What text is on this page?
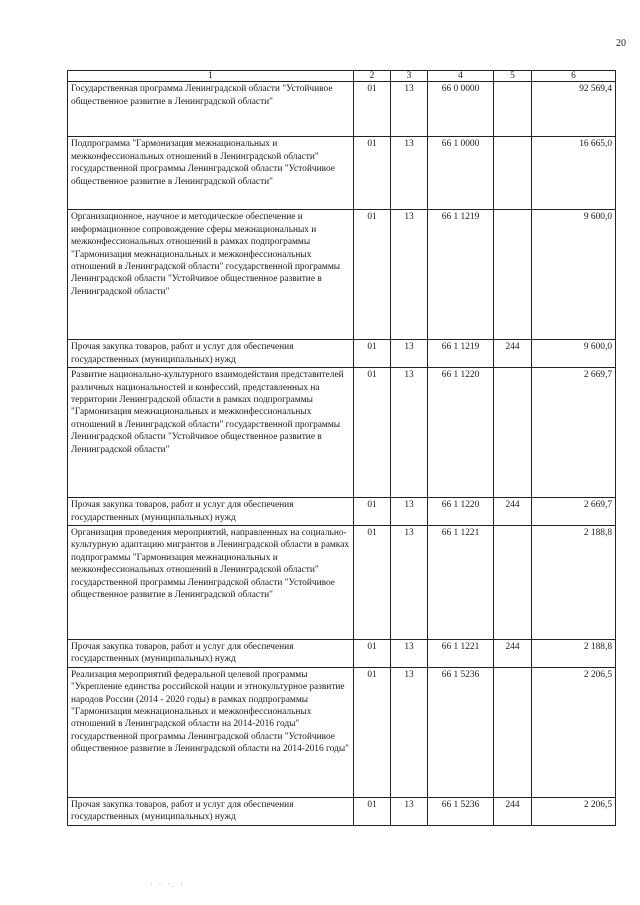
20
1	2	3	4	5	6
Государственная программа Ленинградской области "Устойчивое общественное развитие в Ленинградской области"	01	13	66 0 0000		92 569,4
Подпрограмма "Гармонизация межнациональных и межконфессиональных отношений в Ленинградской области" государственной программы Ленинградской области "Устойчивое общественное развитие в Ленинградской области"	01	13	66 1 0000		16 665,0
Организационное, научное и методическое обеспечение и информационное сопровождение сферы межнациональных и межконфессиональных отношений в рамках подпрограммы "Гармонизация межнациональных и межконфессиональных отношений в Ленинградской области" государственной программы Ленинградской области "Устойчивое общественное развитие в Ленинградской области"	01	13	66 1 1219		9 600,0
Прочая закупка товаров, работ и услуг для обеспечения государственных (муниципальных) нужд	01	13	66 1 1219	244	9 600,0
Развитие национально-культурного взаимодействия представителей различных национальностей и конфессий, представленных на территории Ленинградской области в рамках подпрограммы "Гармонизация межнациональных и межконфессиональных отношений в Ленинградской области" государственной программы Ленинградской области "Устойчивое общественное развитие в Ленинградской области"	01	13	66 1 1220		2 669,7
Прочая закупка товаров, работ и услуг для обеспечения государственных (муниципальных) нужд	01	13	66 1 1220	244	2 669,7
Организация проведения мероприятий, направленных на социально-культурную адаптацию мигрантов в Ленинградской области в рамках подпрограммы "Гармонизация межнациональных и межконфессиональных отношений в Ленинградской области" государственной программы Ленинградской области "Устойчивое общественное развитие в Ленинградской области"	01	13	66 1 1221		2 188,8
Прочая закупка товаров, работ и услуг для обеспечения государственных (муниципальных) нужд	01	13	66 1 1221	244	2 188,8
Реализация мероприятий федеральной целевой программы "Укрепление единства российской нации и этнокультурное развитие народов России (2014 - 2020 годы) в рамках подпрограммы "Гармонизация межнациональных и межконфессиональных отношений в Ленинградской области на 2014-2016 годы" государственной программы Ленинградской области "Устойчивое общественное развитие в Ленинградской области на 2014-2016 годы"	01	13	66 1 5236		2 206,5
Прочая закупка товаров, работ и услуг для обеспечения государственных (муниципальных) нужд	01	13	66 1 5236	244	2 206,5
· · ·. ·
